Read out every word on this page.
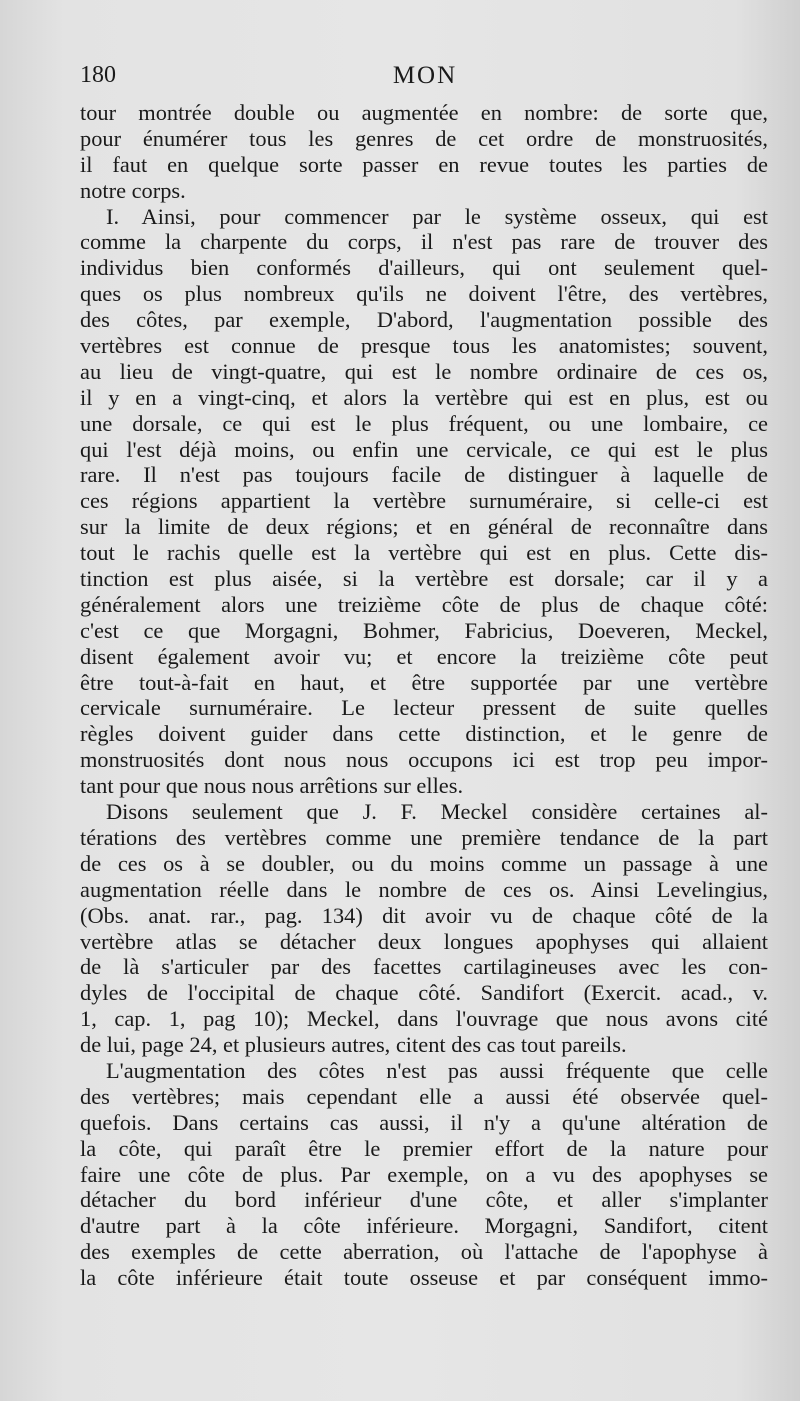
180	MON
tour montrée double ou augmentée en nombre: de sorte que,
pour énumérer tous les genres de cet ordre de monstruosités,
il faut en quelque sorte passer en revue toutes les parties de
notre corps.
I. Ainsi, pour commencer par le système osseux, qui est
comme la charpente du corps, il n'est pas rare de trouver des
individus bien conformés d'ailleurs, qui ont seulement quel-
ques os plus nombreux qu'ils ne doivent l'être, des vertèbres,
des côtes, par exemple, D'abord, l'augmentation possible des
vertèbres est connue de presque tous les anatomistes; souvent,
au lieu de vingt-quatre, qui est le nombre ordinaire de ces os,
il y en a vingt-cinq, et alors la vertèbre qui est en plus, est ou
une dorsale, ce qui est le plus fréquent, ou une lombaire, ce
qui l'est déjà moins, ou enfin une cervicale, ce qui est le plus
rare. Il n'est pas toujours facile de distinguer à laquelle de
ces régions appartient la vertèbre surnuméraire, si celle-ci est
sur la limite de deux régions; et en général de reconnaître dans
tout le rachis quelle est la vertèbre qui est en plus. Cette dis-
tinction est plus aisée, si la vertèbre est dorsale; car il y a
généralement alors une treizième côte de plus de chaque côté:
c'est ce que Morgagni, Bohmer, Fabricius, Doeveren, Meckel,
disent également avoir vu; et encore la treizième côte peut
être tout-à-fait en haut, et être supportée par une vertèbre
cervicale surnuméraire. Le lecteur pressent de suite quelles
règles doivent guider dans cette distinction, et le genre de
monstruosités dont nous nous occupons ici est trop peu impor-
tant pour que nous nous arrêtions sur elles.
Disons seulement que J. F. Meckel considère certaines al-
térations des vertèbres comme une première tendance de la part
de ces os à se doubler, ou du moins comme un passage à une
augmentation réelle dans le nombre de ces os. Ainsi Levelingius,
(Obs. anat. rar., pag. 134) dit avoir vu de chaque côté de la
vertèbre atlas se détacher deux longues apophyses qui allaient
de là s'articuler par des facettes cartilagineuses avec les con-
dyles de l'occipital de chaque côté. Sandifort (Exercit. acad., v.
1, cap. 1, pag 10); Meckel, dans l'ouvrage que nous avons cité
de lui, page 24, et plusieurs autres, citent des cas tout pareils.
L'augmentation des côtes n'est pas aussi fréquente que celle
des vertèbres; mais cependant elle a aussi été observée quel-
quefois. Dans certains cas aussi, il n'y a qu'une altération de
la côte, qui paraît être le premier effort de la nature pour
faire une côte de plus. Par exemple, on a vu des apophyses se
détacher du bord inférieur d'une côte, et aller s'implanter
d'autre part à la côte inférieure. Morgagni, Sandifort, citent
des exemples de cette aberration, où l'attache de l'apophyse à
la côte inférieure était toute osseuse et par conséquent immo-
